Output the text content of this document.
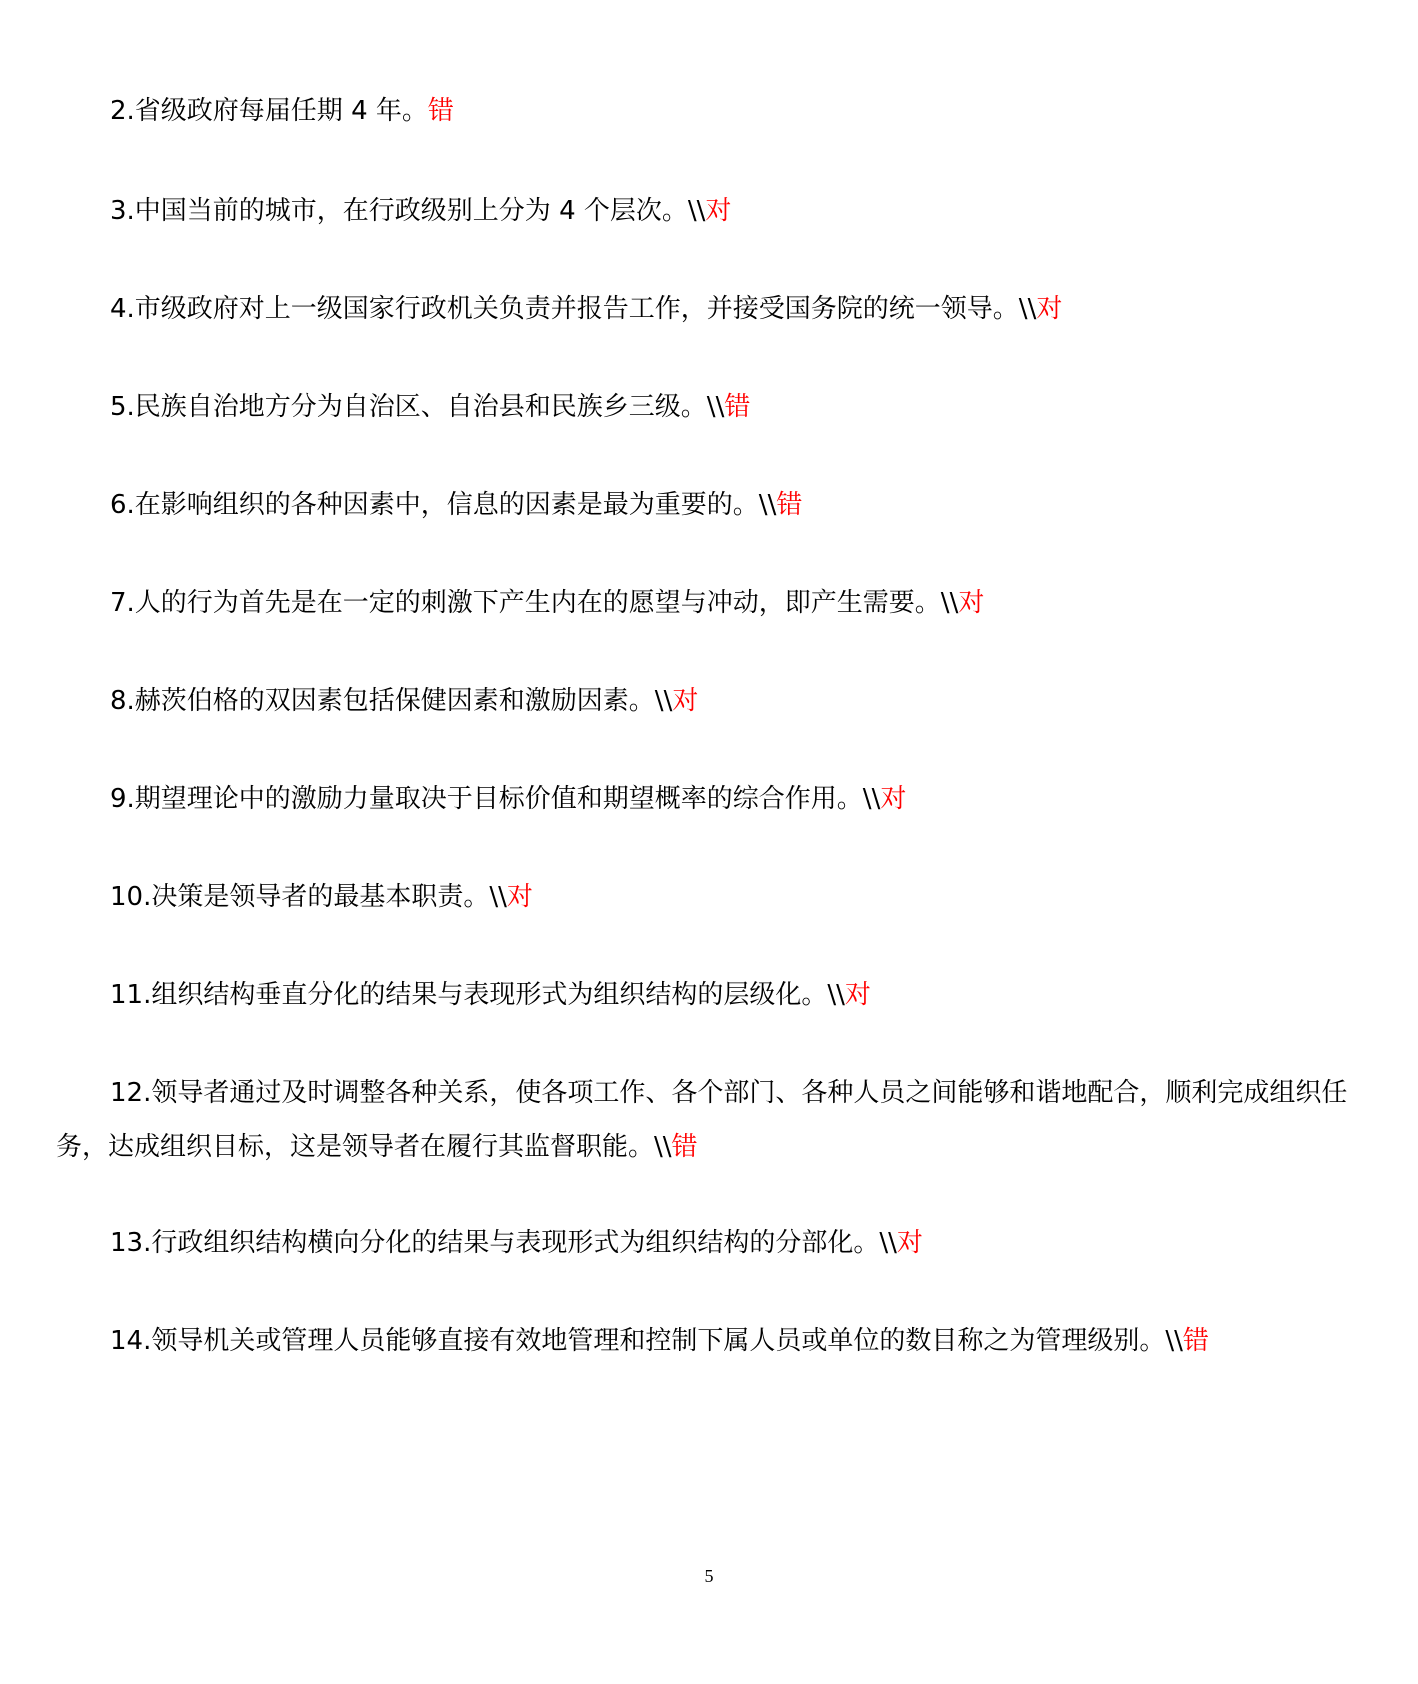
2.省级政府每届任期 4 年。错

3.中国当前的城市，在行政级别上分为 4 个层次。\\对

4.市级政府对上一级国家行政机关负责并报告工作，并接受国务院的统一领导。\\对

5.民族自治地方分为自治区、自治县和民族乡三级。\\错

6.在影响组织的各种因素中，信息的因素是最为重要的。\\错

7.人的行为首先是在一定的刺激下产生内在的愿望与冲动，即产生需要。\\对

8.赫茨伯格的双因素包括保健因素和激励因素。\\对

9.期望理论中的激励力量取决于目标价值和期望概率的综合作用。\\对

10.决策是领导者的最基本职责。\\对

11.组织结构垂直分化的结果与表现形式为组织结构的层级化。\\对

12.领导者通过及时调整各种关系，使各项工作、各个部门、各种人员之间能够和谐地配合，顺利完成组织任务，达成组织目标，这是领导者在履行其监督职能。\\错

13.行政组织结构横向分化的结果与表现形式为组织结构的分部化。\\对

14.领导机关或管理人员能够直接有效地管理和控制下属人员或单位的数目称之为管理级别。\\错

5
